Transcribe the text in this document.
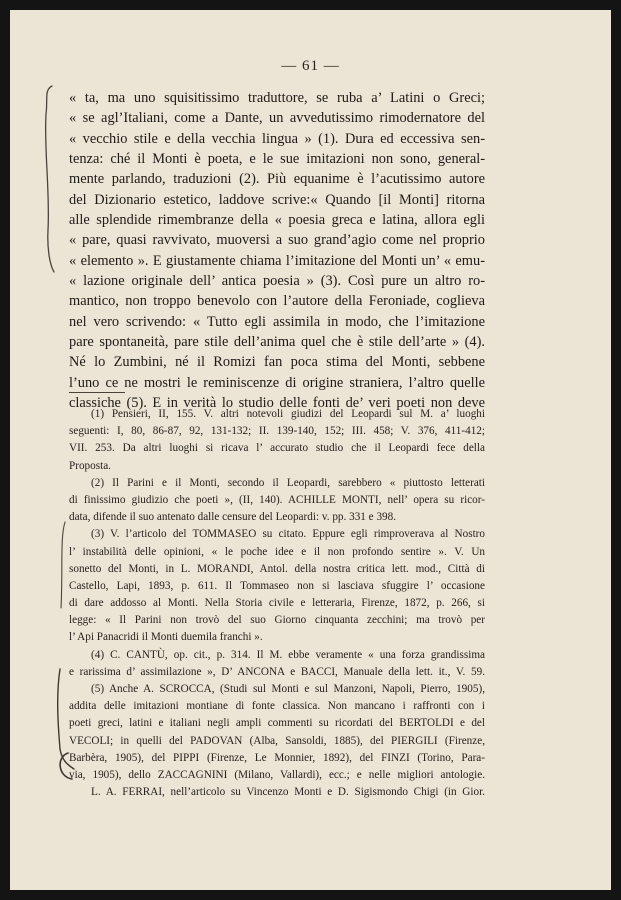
— 61 —
« ta, ma uno squisitissimo traduttore, se ruba a’ Latini o Greci;
« se agl’Italiani, come a Dante, un avvedutissimo rimodernatore del
« vecchio stile e della vecchia lingua » (1). Dura ed eccessiva sen-
tenza: ché il Monti è poeta, e le sue imitazioni non sono, general-
mente parlando, traduzioni (2). Più equanime è l’acutissimo autore
del Dizionario estetico, laddove scrive:« Quando [il Monti] ritorna
alle splendide rimembranze della « poesia greca e latina, allora egli
« pare, quasi ravvivato, muoversi a suo grand’agio come nel proprio
« elemento ». E giustamente chiama l’imitazione del Monti un’ « emu-
« lazione originale dell’ antica poesia » (3). Così pure un altro ro-
mantico, non troppo benevolo con l’autore della Feroniade, coglieva
nel vero scrivendo: « Tutto egli assimila in modo, che l’imitazione
pare spontaneità, pare stile dell’anima quel che è stile dell’arte » (4).
Né lo Zumbini, né il Romizi fan poca stima del Monti, sebbene
l’uno ce ne mostri le reminiscenze di origine straniera, l’altro quelle
classiche (5). E in verità lo studio delle fonti de’ veri poeti non deve
(1) Pensieri, II, 155. V. altri notevoli giudizi del Leopardi sul M. a’ luoghi
seguenti: I, 80, 86-87, 92, 131-132; II. 139-140, 152; III. 458; V. 376, 411-412;
VII. 253. Da altri luoghi si ricava l’ accurato studio che il Leopardi fece della
Proposta.
(2) Il Parini e il Monti, secondo il Leopardi, sarebbero « piuttosto letterati
di finissimo giudizio che poeti », (II, 140). ACHILLE MONTI, nell’ opera su ricor-
data, difende il suo antenato dalle censure del Leopardi: v. pp. 331 e 398.
(3) V. l’articolo del TOMMASEO su citato. Eppure egli rimproverava al Nostro
l’ instabilità delle opinioni, « le poche idee e il non profondo sentire ». V. Un
sonetto del Monti, in L. MORANDI, Antol. della nostra critica lett. mod., Città di
Castello, Lapi, 1893, p. 611. Il Tommaseo non si lasciava sfuggire l’ occasione
di dare addosso al Monti. Nella Storia civile e letteraria, Firenze, 1872, p. 266, si
legge: « Il Parini non trovò del suo Giorno cinquanta zecchini; ma trovò per
l’ Api Panacridi il Monti duemila franchi ».
(4) C. CANTÙ, op. cit., p. 314. Il M. ebbe veramente « una forza grandissima
e rarissima d’ assimilazione », D’ ANCONA e BACCI, Manuale della lett. it., V. 59.
(5) Anche A. SCROCCA, (Studi sul Monti e sul Manzoni, Napoli, Pierro, 1905),
addita delle imitazioni montiane di fonte classica. Non mancano i raffronti con i
poeti greci, latini e italiani negli ampli commenti su ricordati del BERTOLDI e del
VECOLI; in quelli del PADOVAN (Alba, Sansoldi, 1885), del PIERGILI (Firenze,
Barbèra, 1905), del PIPPI (Firenze, Le Monnier, 1892), del FINZI (Torino, Para-
via, 1905), dello ZACCAGNINI (Milano, Vallardi), ecc.; e nelle migliori antologie.
L. A. FERRAI, nell’articolo su Vincenzo Monti e D. Sigismondo Chigi (in Gior.
